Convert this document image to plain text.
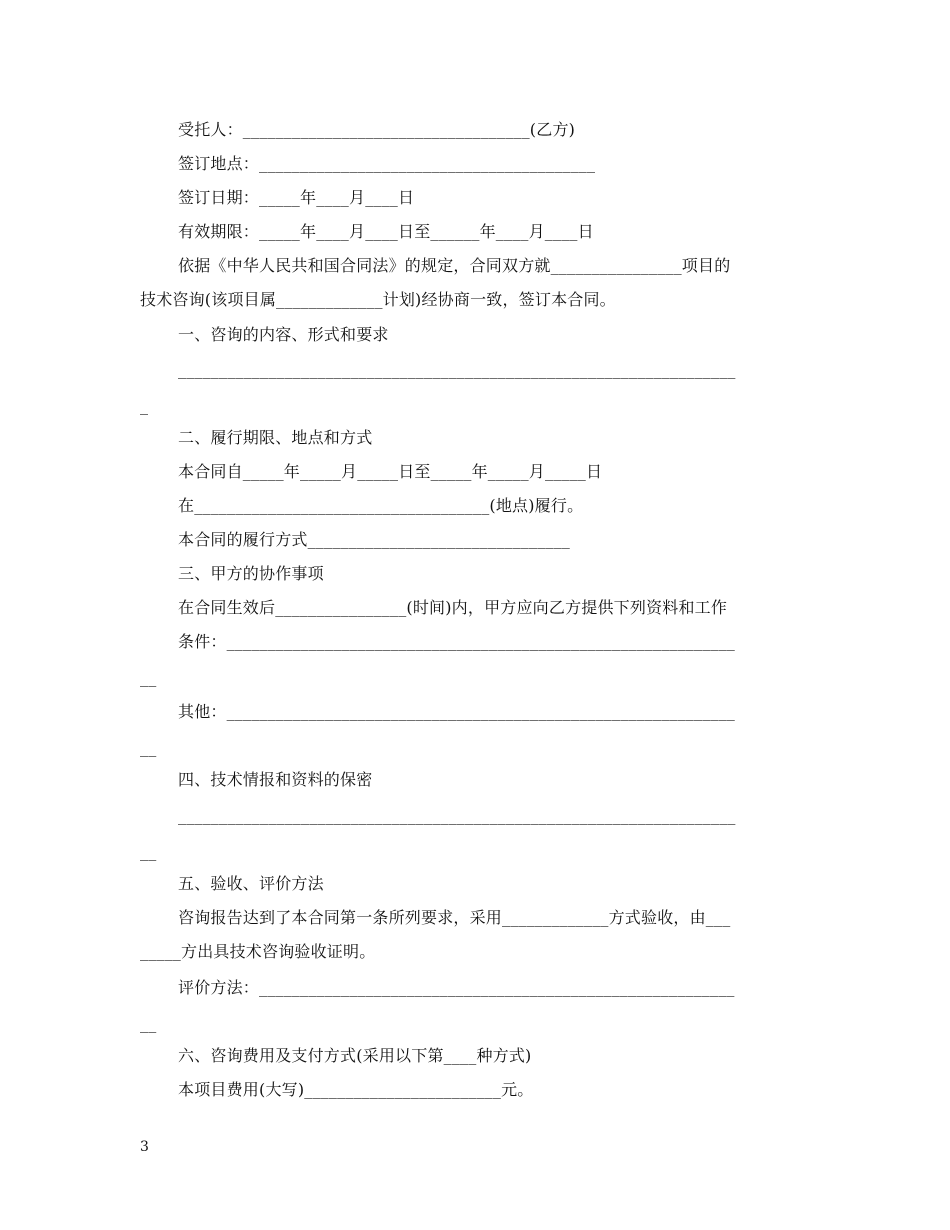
受托人：___________________________________(乙方)
签订地点：_________________________________________
签订日期：_____年____月____日
有效期限：_____年____月____日至______年____月____日
依据《中华人民共和国合同法》的规定，合同双方就________________项目的
技术咨询(该项目属_____________计划)经协商一致，签订本合同。
一、咨询的内容、形式和要求
____________________________________________________________________
_
二、履行期限、地点和方式
本合同自_____年_____月_____日至_____年_____月_____日
在____________________________________(地点)履行。
本合同的履行方式________________________________
三、甲方的协作事项
在合同生效后________________(时间)内，甲方应向乙方提供下列资料和工作
条件：______________________________________________________________
__
其他：______________________________________________________________
__
四、技术情报和资料的保密
____________________________________________________________________
__
五、验收、评价方法
咨询报告达到了本合同第一条所列要求，采用_____________方式验收，由___
_____方出具技术咨询验收证明。
评价方法：__________________________________________________________
__
六、咨询费用及支付方式(采用以下第____种方式)
本项目费用(大写)________________________元。
3
